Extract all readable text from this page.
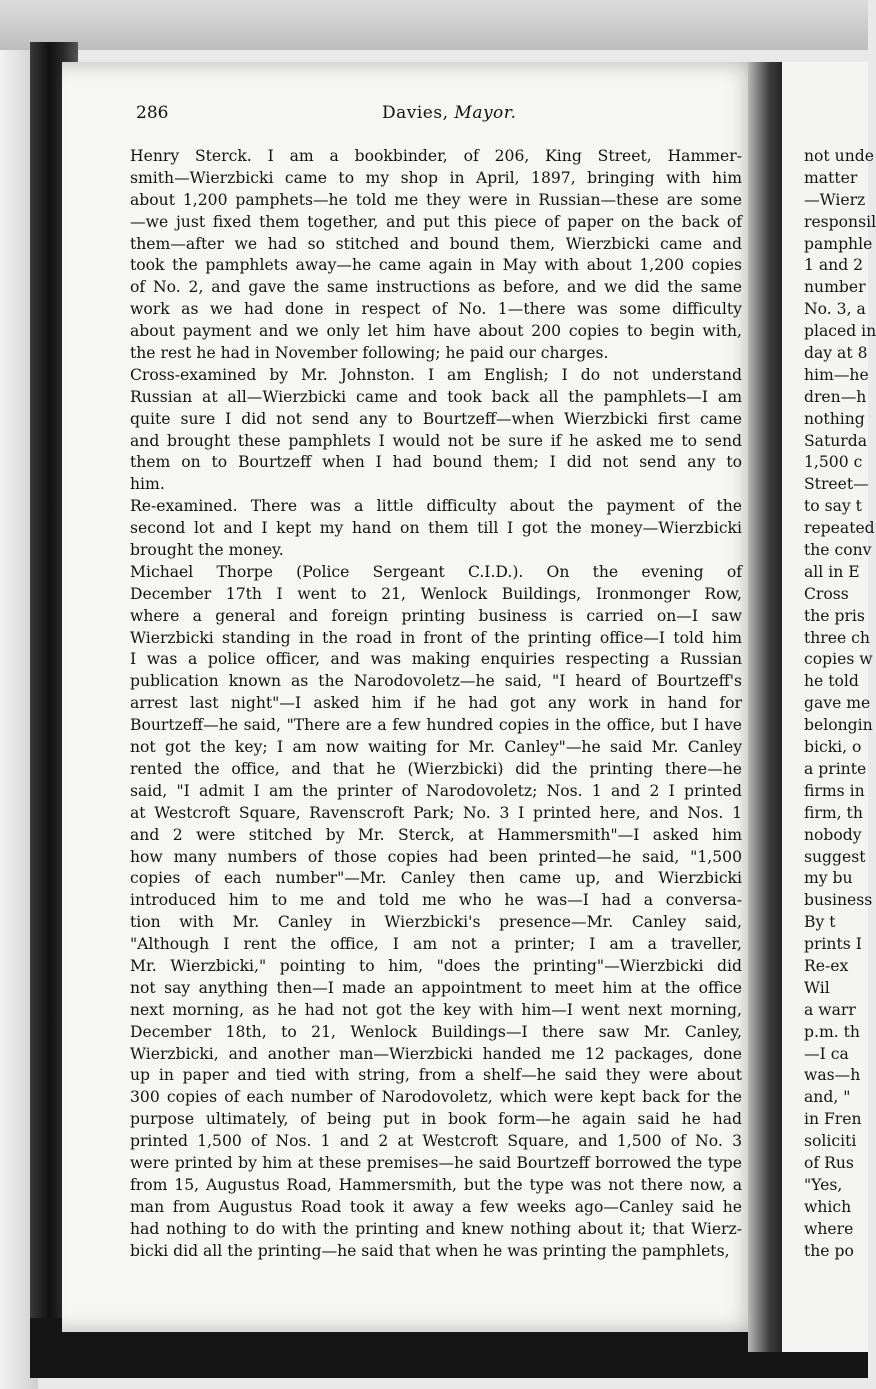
not unde
matter
—Wierz
responsil
pamphle
1 and 2
number
No. 3, a
placed in
day at 8
him—he
dren—h
nothing
Saturda
1,500 c
Street—
to say t
repeated
the conv
all in E
Cross
the pris
three ch
copies w
he told
gave me
belongin
bicki, o
a printe
firms in
firm, th
nobody
suggest
my bu
business
By t
prints I
Re-ex
Wil
a warr
p.m. th
—I ca
was—h
and, "
in Fren
soliciti
of Rus
"Yes,
which
where
the po
286	Davies, Mayor.
Henry Sterck. I am a bookbinder, of 206, King Street, Hammer-
smith—Wierzbicki came to my shop in April, 1897, bringing with him
about 1,200 pamphets—he told me they were in Russian—these are some
—we just fixed them together, and put this piece of paper on the back of
them—after we had so stitched and bound them, Wierzbicki came and
took the pamphlets away—he came again in May with about 1,200 copies
of No. 2, and gave the same instructions as before, and we did the same
work as we had done in respect of No. 1—there was some difficulty
about payment and we only let him have about 200 copies to begin with,
the rest he had in November following; he paid our charges.
Cross-examined by Mr. Johnston. I am English; I do not understand
Russian at all—Wierzbicki came and took back all the pamphlets—I am
quite sure I did not send any to Bourtzeff—when Wierzbicki first came
and brought these pamphlets I would not be sure if he asked me to send
them on to Bourtzeff when I had bound them; I did not send any to
him.
Re-examined. There was a little difficulty about the payment of the
second lot and I kept my hand on them till I got the money—Wierzbicki
brought the money.
Michael Thorpe (Police Sergeant C.I.D.). On the evening of
December 17th I went to 21, Wenlock Buildings, Ironmonger Row,
where a general and foreign printing business is carried on—I saw
Wierzbicki standing in the road in front of the printing office—I told him
I was a police officer, and was making enquiries respecting a Russian
publication known as the Narodovoletz—he said, "I heard of Bourtzeff's
arrest last night"—I asked him if he had got any work in hand for
Bourtzeff—he said, "There are a few hundred copies in the office, but I have
not got the key; I am now waiting for Mr. Canley"—he said Mr. Canley
rented the office, and that he (Wierzbicki) did the printing there—he
said, "I admit I am the printer of Narodovoletz; Nos. 1 and 2 I printed
at Westcroft Square, Ravenscroft Park; No. 3 I printed here, and Nos. 1
and 2 were stitched by Mr. Sterck, at Hammersmith"—I asked him
how many numbers of those copies had been printed—he said, "1,500
copies of each number"—Mr. Canley then came up, and Wierzbicki
introduced him to me and told me who he was—I had a conversa-
tion with Mr. Canley in Wierzbicki's presence—Mr. Canley said,
"Although I rent the office, I am not a printer; I am a traveller,
Mr. Wierzbicki," pointing to him, "does the printing"—Wierzbicki did
not say anything then—I made an appointment to meet him at the office
next morning, as he had not got the key with him—I went next morning,
December 18th, to 21, Wenlock Buildings—I there saw Mr. Canley,
Wierzbicki, and another man—Wierzbicki handed me 12 packages, done
up in paper and tied with string, from a shelf—he said they were about
300 copies of each number of Narodovoletz, which were kept back for the
purpose ultimately, of being put in book form—he again said he had
printed 1,500 of Nos. 1 and 2 at Westcroft Square, and 1,500 of No. 3
were printed by him at these premises—he said Bourtzeff borrowed the type
from 15, Augustus Road, Hammersmith, but the type was not there now, a
man from Augustus Road took it away a few weeks ago—Canley said he
had nothing to do with the printing and knew nothing about it; that Wierz-
bicki did all the printing—he said that when he was printing the pamphlets,
